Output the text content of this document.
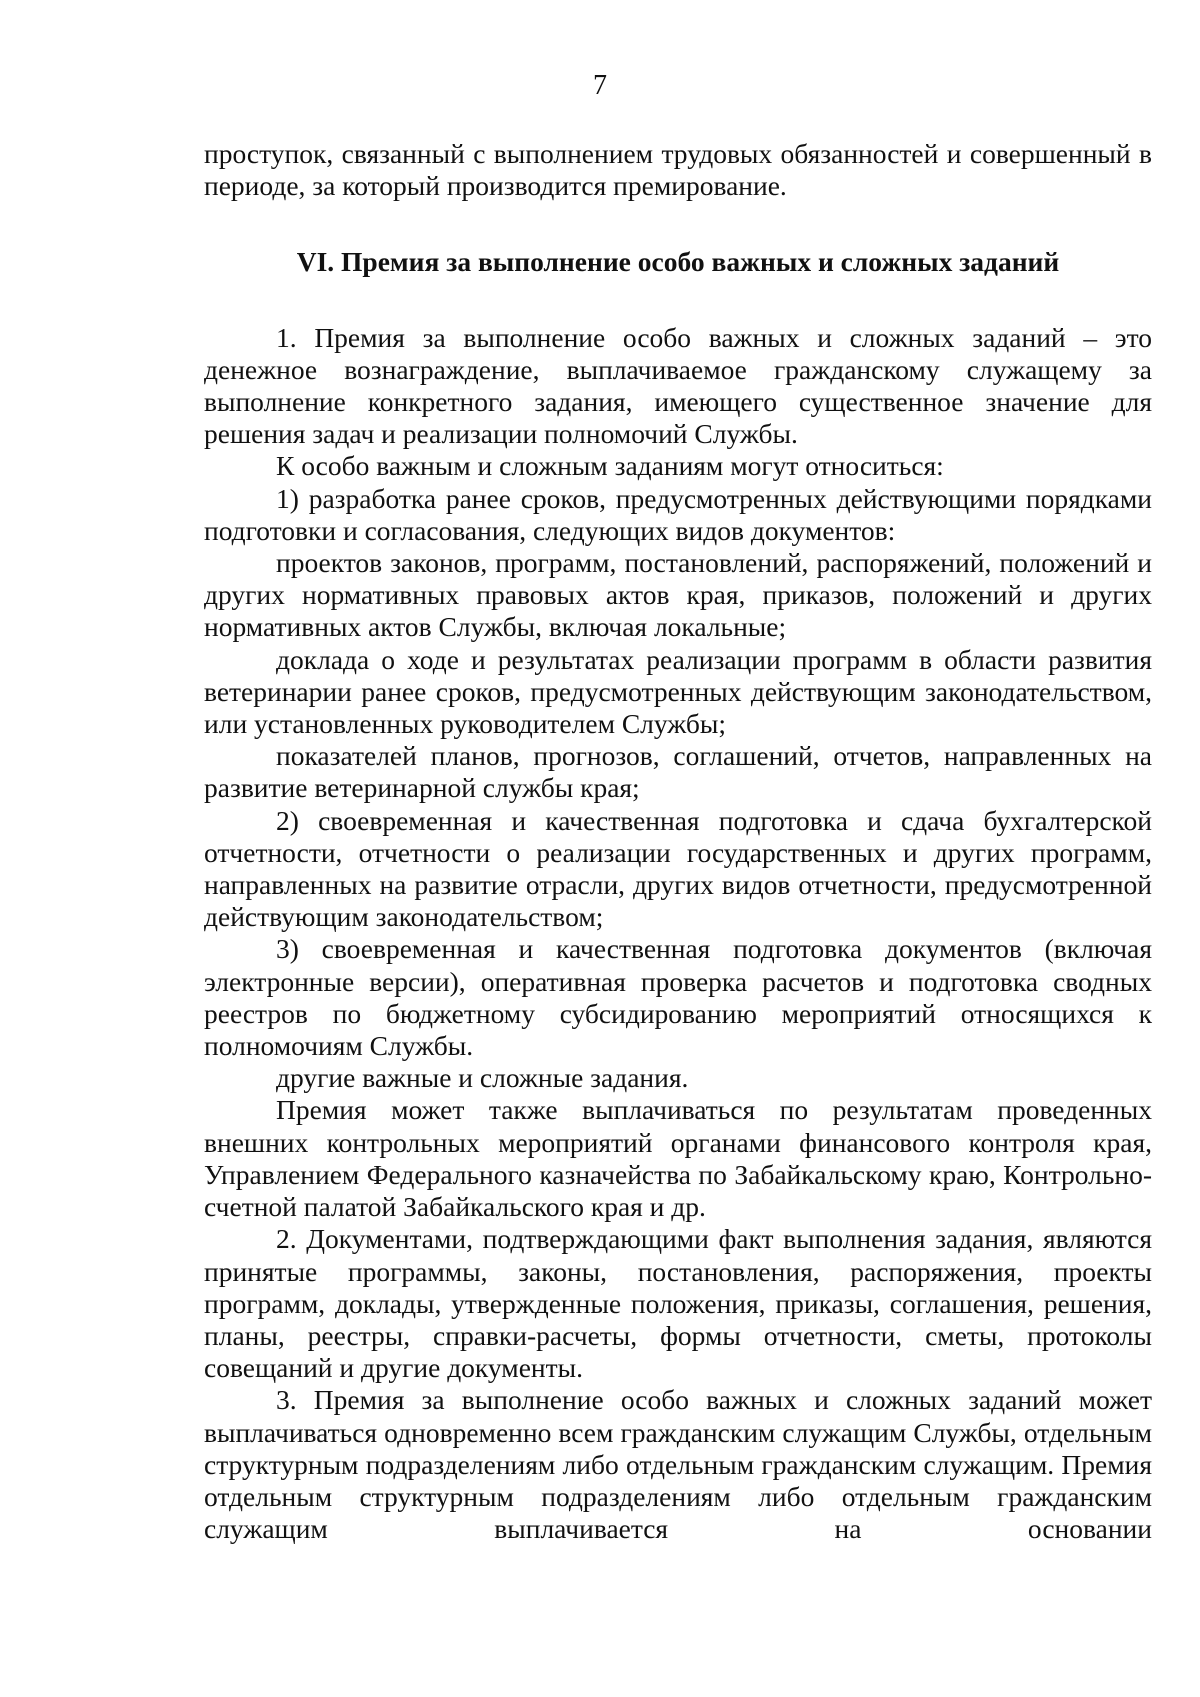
7

проступок, связанный с выполнением трудовых обязанностей и совершенный в периоде, за который производится премирование.

VI. Премия за выполнение особо важных и сложных заданий

1. Премия за выполнение особо важных и сложных заданий – это денежное вознаграждение, выплачиваемое гражданскому служащему за выполнение конкретного задания, имеющего существенное значение для решения задач и реализации полномочий Службы.

К особо важным и сложным заданиям могут относиться:

1) разработка ранее сроков, предусмотренных действующими порядками подготовки и согласования, следующих видов документов:

проектов законов, программ, постановлений, распоряжений, положений и других нормативных правовых актов края, приказов, положений и других нормативных актов Службы, включая локальные;

доклада о ходе и результатах реализации программ в области развития ветеринарии ранее сроков, предусмотренных действующим законодательством, или установленных руководителем Службы;

показателей планов, прогнозов, соглашений, отчетов, направленных на развитие ветеринарной службы края;

2) своевременная и качественная подготовка и сдача бухгалтерской отчетности, отчетности о реализации государственных и других программ, направленных на развитие отрасли, других видов отчетности, предусмотренной действующим законодательством;

3) своевременная и качественная подготовка документов (включая электронные версии), оперативная проверка расчетов и подготовка сводных реестров по бюджетному субсидированию мероприятий относящихся к полномочиям Службы.

другие важные и сложные задания.

Премия может также выплачиваться по результатам проведенных внешних контрольных мероприятий органами финансового контроля края, Управлением Федерального казначейства по Забайкальскому краю, Контрольно-счетной палатой Забайкальского края и др.

2. Документами, подтверждающими факт выполнения задания, являются принятые программы, законы, постановления, распоряжения, проекты программ, доклады, утвержденные положения, приказы, соглашения, решения, планы, реестры, справки-расчеты, формы отчетности, сметы, протоколы совещаний и другие документы.

3. Премия за выполнение особо важных и сложных заданий может выплачиваться одновременно всем гражданским служащим Службы, отдельным структурным подразделениям либо отдельным гражданским служащим. Премия отдельным структурным подразделениям либо отдельным гражданским служащим выплачивается на основании
